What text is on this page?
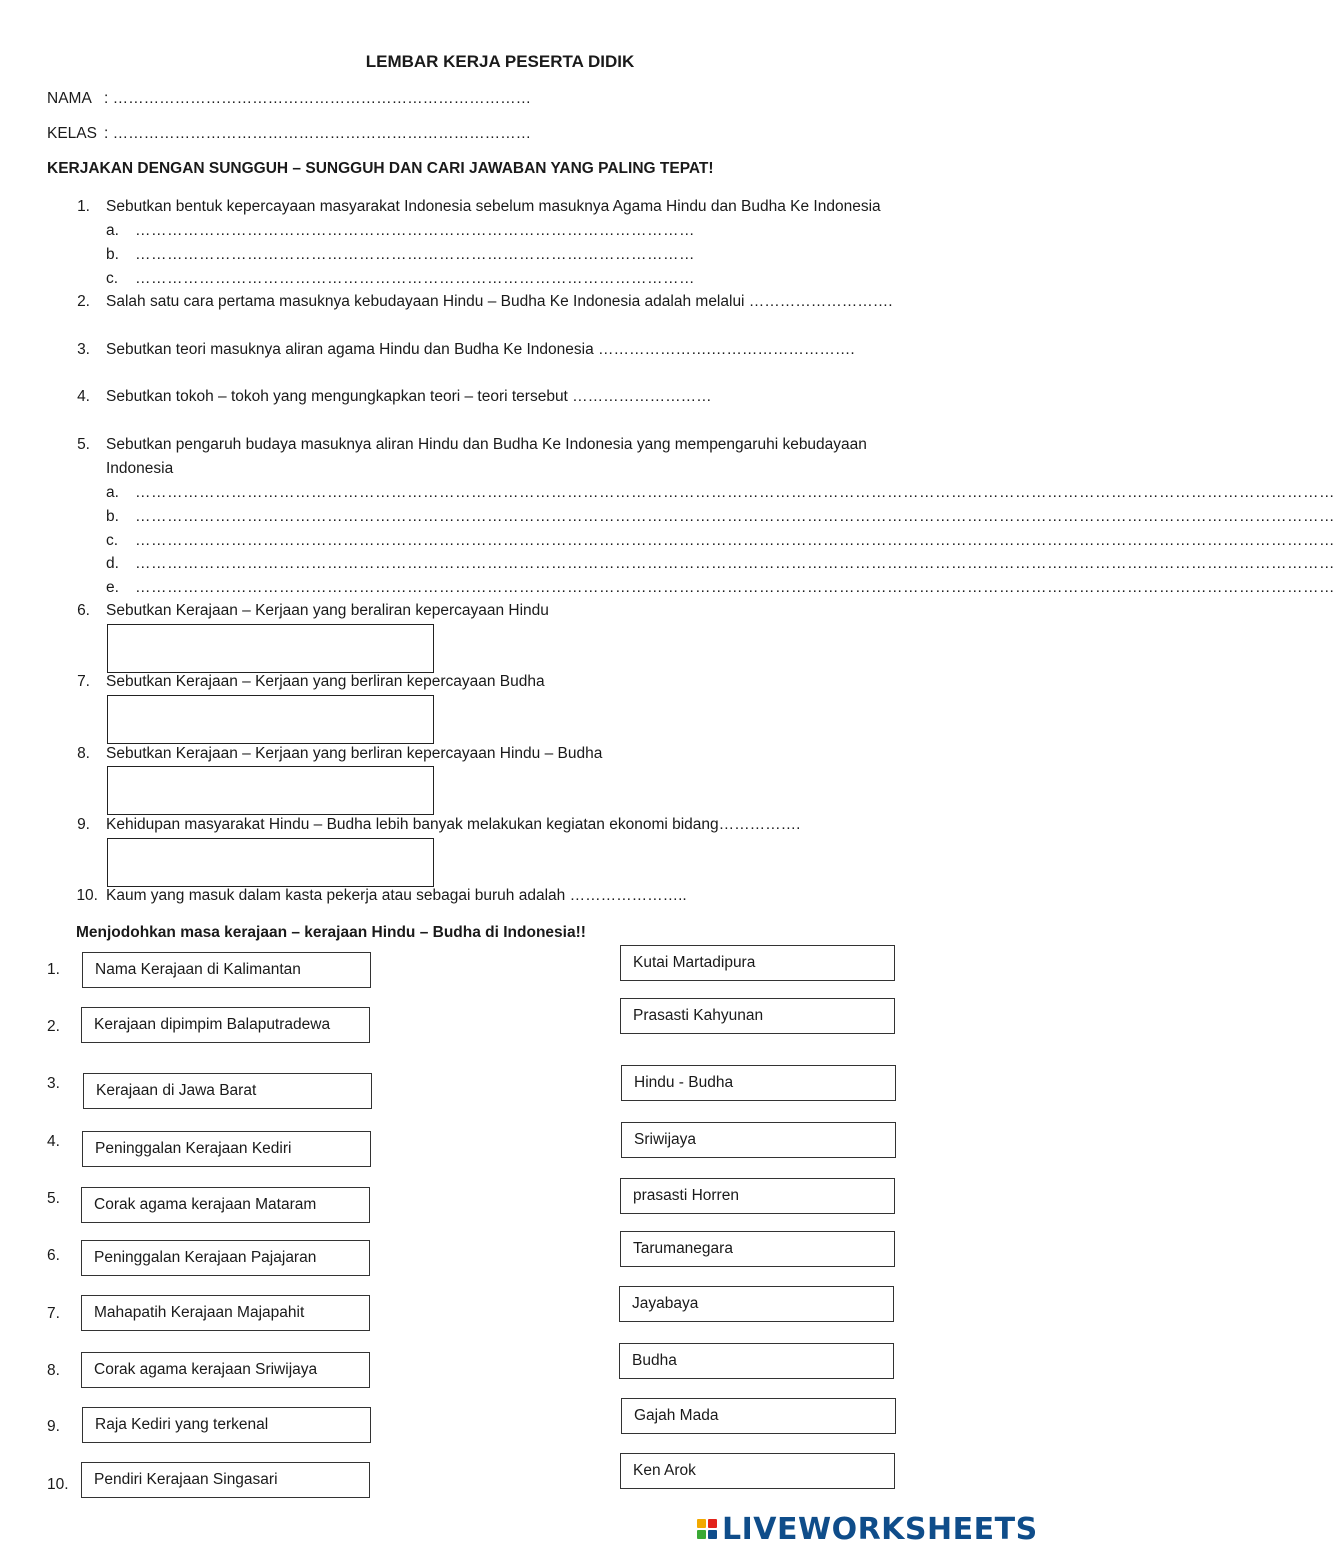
LEMBAR KERJA PESERTA DIDIK
NAMA : ………………………………………………………………………
KELAS : ………………………………………………………………………
KERJAKAN DENGAN SUNGGUH – SUNGGUH DAN CARI JAWABAN YANG PALING TEPAT!
1. Sebutkan bentuk kepercayaan masyarakat Indonesia sebelum masuknya Agama Hindu dan Budha Ke Indonesia
a. ……………………………………………………………………………………………
b. ……………………………………………………………………………………………
c. ……………………………………………………………………………………………
2. Salah satu cara pertama masuknya kebudayaan Hindu – Budha Ke Indonesia adalah melalui ……………………….
3. Sebutkan teori masuknya aliran agama Hindu dan Budha Ke Indonesia ………………….……………………….
4. Sebutkan tokoh – tokoh yang mengungkapkan teori – teori tersebut ………………………
5. Sebutkan pengaruh budaya masuknya aliran Hindu dan Budha Ke Indonesia yang mempengaruhi kebudayaan
Indonesia
a. ………………………………………………………………………………………………………………………………………………………………………………………………………
b. ………………………………………………………………………………………………………………………………………………………………………………………………………
c. ………………………………………………………………………………………………………………………………………………………………………………………………………
d. ………………………………………………………………………………………………………………………………………………………………………………………………………
e. ………………………………………………………………………………………………………………………………………………………………………………………………………
6. Sebutkan Kerajaan – Kerjaan yang beraliran kepercayaan Hindu
7. Sebutkan Kerajaan – Kerjaan yang berliran kepercayaan Budha
8. Sebutkan Kerajaan – Kerjaan yang berliran kepercayaan Hindu – Budha
9. Kehidupan masyarakat Hindu – Budha lebih banyak melakukan kegiatan ekonomi bidang…………….
10. Kaum yang masuk dalam kasta pekerja atau sebagai buruh adalah …………………..
Menjodohkan masa kerajaan – kerajaan Hindu – Budha di Indonesia!!
1.
2.
3.
4.
5.
6.
7.
8.
9.
10.
Nama Kerajaan di Kalimantan
Kerajaan dipimpim Balaputradewa
Kerajaan di Jawa Barat
Peninggalan Kerajaan Kediri
Corak agama kerajaan Mataram
Peninggalan Kerajaan Pajajaran
Mahapatih Kerajaan Majapahit
Corak agama kerajaan Sriwijaya
Raja Kediri yang terkenal
Pendiri Kerajaan Singasari
Kutai Martadipura
Prasasti Kahyunan
Hindu - Budha
Sriwijaya
prasasti Horren
Tarumanegara
Jayabaya
Budha
Gajah Mada
Ken Arok
LIVEWORKSHEETS
